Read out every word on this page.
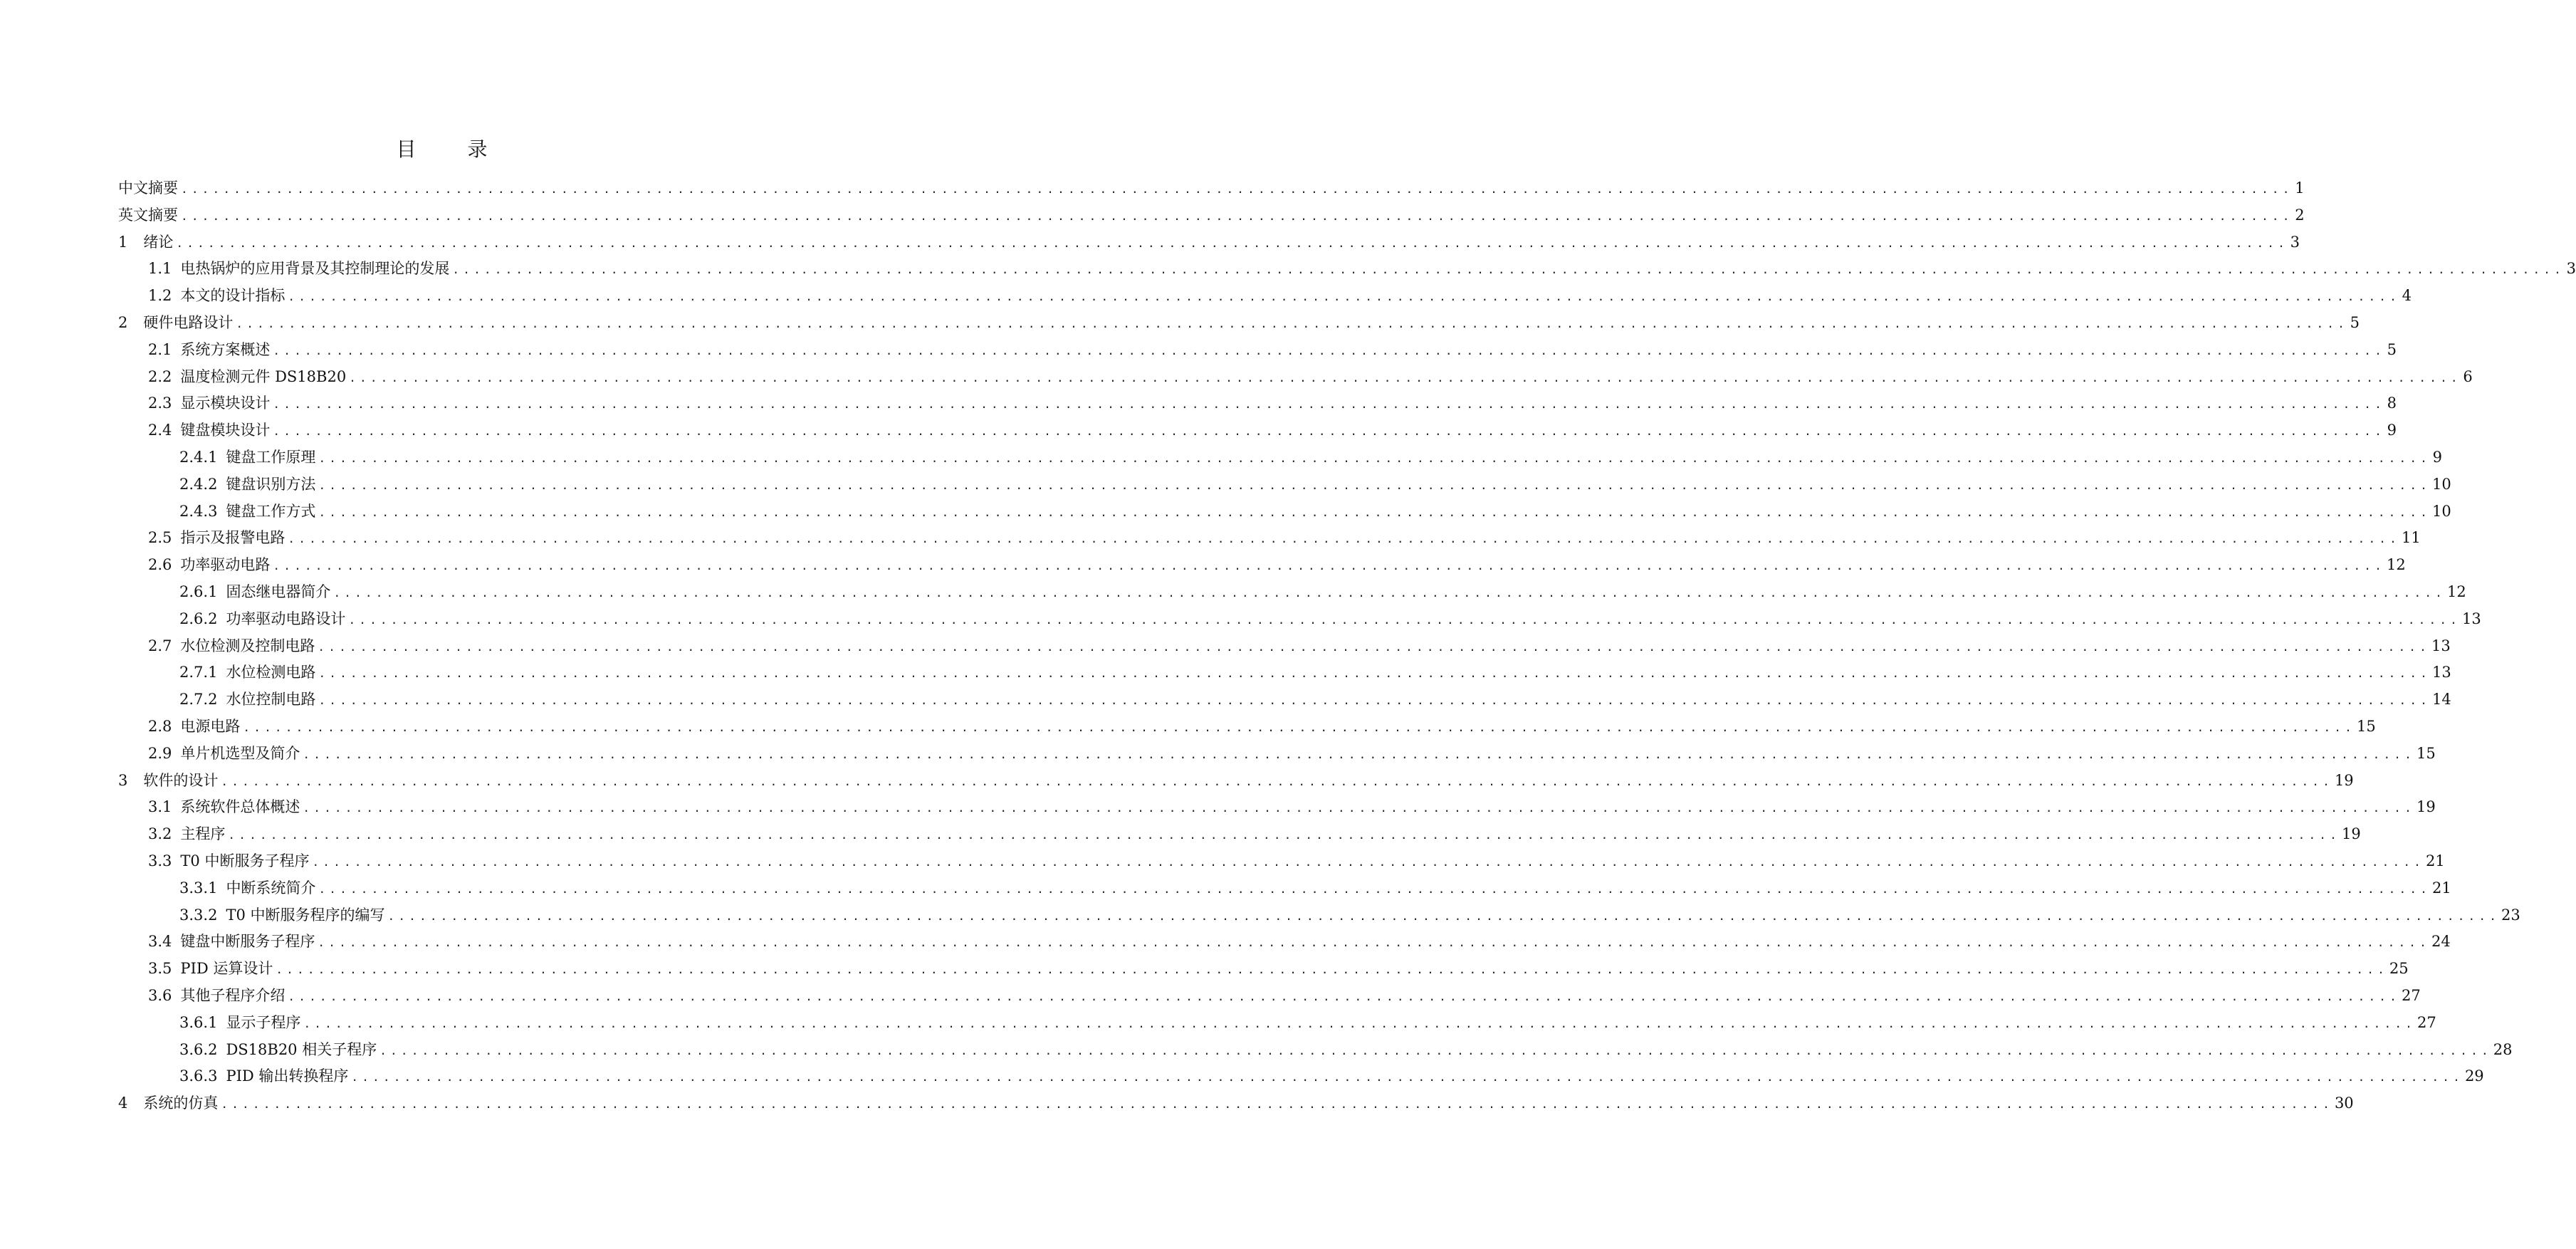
目　录
中文摘要 ........................................................................................................................................................................................................ 1
英文摘要 ........................................................................................................................................................................................................ 2
1 绪论 ........................................................................................................................................................................................................ 3
1.1 电热锅炉的应用背景及其控制理论的发展 ........................................................................................................................................................................................................ 3
1.2 本文的设计指标 ........................................................................................................................................................................................................ 4
2 硬件电路设计 ........................................................................................................................................................................................................ 5
2.1 系统方案概述 ........................................................................................................................................................................................................ 5
2.2 温度检测元件 DS18B20 ........................................................................................................................................................................................................ 6
2.3 显示模块设计 ........................................................................................................................................................................................................ 8
2.4 键盘模块设计 ........................................................................................................................................................................................................ 9
2.4.1 键盘工作原理 ........................................................................................................................................................................................................ 9
2.4.2 键盘识别方法 ........................................................................................................................................................................................................ 10
2.4.3 键盘工作方式 ........................................................................................................................................................................................................ 10
2.5 指示及报警电路 ........................................................................................................................................................................................................ 11
2.6 功率驱动电路 ........................................................................................................................................................................................................ 12
2.6.1 固态继电器简介 ........................................................................................................................................................................................................ 12
2.6.2 功率驱动电路设计 ........................................................................................................................................................................................................ 13
2.7 水位检测及控制电路 ........................................................................................................................................................................................................ 13
2.7.1 水位检测电路 ........................................................................................................................................................................................................ 13
2.7.2 水位控制电路 ........................................................................................................................................................................................................ 14
2.8 电源电路 ........................................................................................................................................................................................................ 15
2.9 单片机选型及简介 ........................................................................................................................................................................................................ 15
3 软件的设计 ........................................................................................................................................................................................................ 19
3.1 系统软件总体概述 ........................................................................................................................................................................................................ 19
3.2 主程序 ........................................................................................................................................................................................................ 19
3.3 T0 中断服务子程序 ........................................................................................................................................................................................................ 21
3.3.1 中断系统简介 ........................................................................................................................................................................................................ 21
3.3.2 T0 中断服务程序的编写 ........................................................................................................................................................................................................ 23
3.4 键盘中断服务子程序 ........................................................................................................................................................................................................ 24
3.5 PID 运算设计 ........................................................................................................................................................................................................ 25
3.6 其他子程序介绍 ........................................................................................................................................................................................................ 27
3.6.1 显示子程序 ........................................................................................................................................................................................................ 27
3.6.2 DS18B20 相关子程序 ........................................................................................................................................................................................................ 28
3.6.3 PID 输出转换程序 ........................................................................................................................................................................................................ 29
4 系统的仿真 ........................................................................................................................................................................................................ 30
